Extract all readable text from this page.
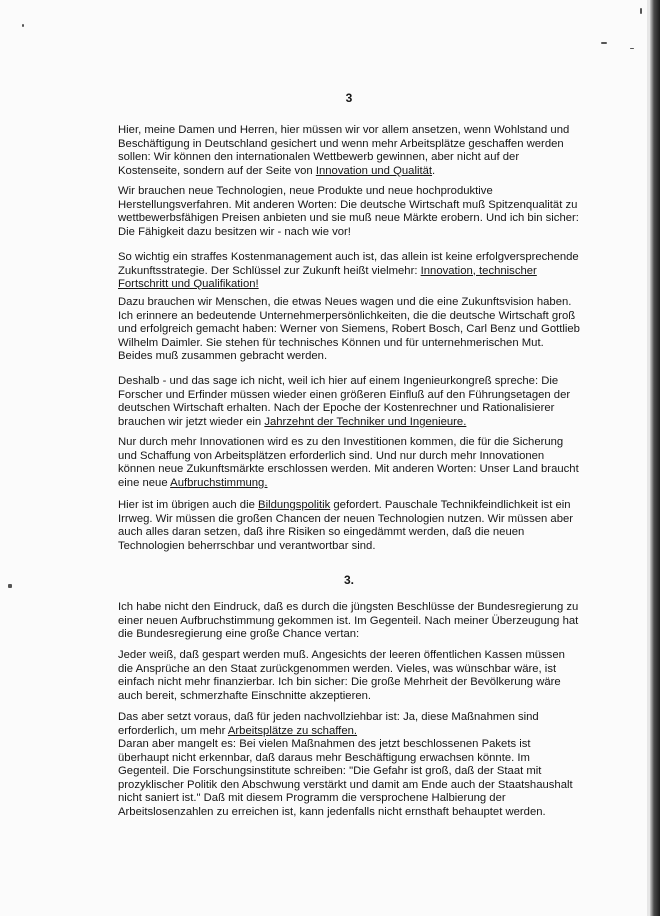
3

Hier, meine Damen und Herren, hier müssen wir vor allem ansetzen, wenn Wohlstand und Beschäftigung in Deutschland gesichert und wenn mehr Arbeitsplätze geschaffen werden sollen: Wir können den internationalen Wettbewerb gewinnen, aber nicht auf der Kostenseite, sondern auf der Seite von Innovation und Qualität.

Wir brauchen neue Technologien, neue Produkte und neue hochproduktive Herstellungsverfahren. Mit anderen Worten: Die deutsche Wirtschaft muß Spitzenqualität zu wettbewerbsfähigen Preisen anbieten und sie muß neue Märkte erobern. Und ich bin sicher: Die Fähigkeit dazu besitzen wir - nach wie vor!

So wichtig ein straffes Kostenmanagement auch ist, das allein ist keine erfolgversprechende Zukunftsstrategie. Der Schlüssel zur Zukunft heißt vielmehr: Innovation, technischer Fortschritt und Qualifikation!

Dazu brauchen wir Menschen, die etwas Neues wagen und die eine Zukunftsvision haben. Ich erinnere an bedeutende Unternehmerpersönlichkeiten, die die deutsche Wirtschaft groß und erfolgreich gemacht haben: Werner von Siemens, Robert Bosch, Carl Benz und Gottlieb Wilhelm Daimler. Sie stehen für technisches Können und für unternehmerischen Mut. Beides muß zusammen gebracht werden.

Deshalb - und das sage ich nicht, weil ich hier auf einem Ingenieurkongreß spreche: Die Forscher und Erfinder müssen wieder einen größeren Einfluß auf den Führungsetagen der deutschen Wirtschaft erhalten. Nach der Epoche der Kostenrechner und Rationalisierer brauchen wir jetzt wieder ein Jahrzehnt der Techniker und Ingenieure.

Nur durch mehr Innovationen wird es zu den Investitionen kommen, die für die Sicherung und Schaffung von Arbeitsplätzen erforderlich sind. Und nur durch mehr Innovationen können neue Zukunftsmärkte erschlossen werden. Mit anderen Worten: Unser Land braucht eine neue Aufbruchstimmung.

Hier ist im übrigen auch die Bildungspolitik gefordert. Pauschale Technikfeindlichkeit ist ein Irrweg. Wir müssen die großen Chancen der neuen Technologien nutzen. Wir müssen aber auch alles daran setzen, daß ihre Risiken so eingedämmt werden, daß die neuen Technologien beherrschbar und verantwortbar sind.

3.

Ich habe nicht den Eindruck, daß es durch die jüngsten Beschlüsse der Bundesregierung zu einer neuen Aufbruchstimmung gekommen ist. Im Gegenteil. Nach meiner Überzeugung hat die Bundesregierung eine große Chance vertan:

Jeder weiß, daß gespart werden muß. Angesichts der leeren öffentlichen Kassen müssen die Ansprüche an den Staat zurückgenommen werden. Vieles, was wünschbar wäre, ist einfach nicht mehr finanzierbar. Ich bin sicher: Die große Mehrheit der Bevölkerung wäre auch bereit, schmerzhafte Einschnitte akzeptieren.

Das aber setzt voraus, daß für jeden nachvollziehbar ist: Ja, diese Maßnahmen sind erforderlich, um mehr Arbeitsplätze zu schaffen.

Daran aber mangelt es: Bei vielen Maßnahmen des jetzt beschlossenen Pakets ist überhaupt nicht erkennbar, daß daraus mehr Beschäftigung erwachsen könnte. Im Gegenteil. Die Forschungsinstitute schreiben: "Die Gefahr ist groß, daß der Staat mit prozyklischer Politik den Abschwung verstärkt und damit am Ende auch der Staatshaushalt nicht saniert ist." Daß mit diesem Programm die versprochene Halbierung der Arbeitslosenzahlen zu erreichen ist, kann jedenfalls nicht ernsthaft behauptet werden.
